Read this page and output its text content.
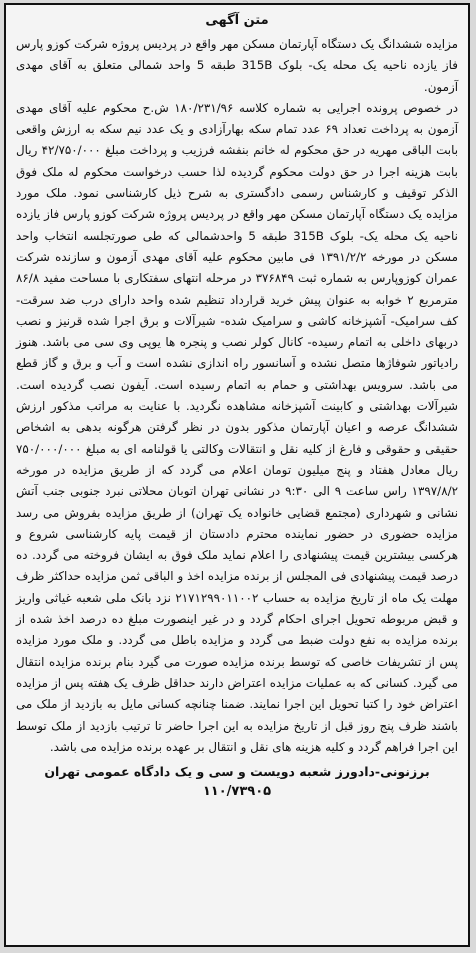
متن آگهی

مزایده ششدانگ یک دستگاه آپارتمان مسکن مهر واقع در پردیس پروژه شرکت کوزو پارس فاز یازده ناحیه یک محله یک- بلوک 315B طبقه 5 واحد شمالی متعلق به آقای مهدی آزمون.

در خصوص پرونده اجرایی به شماره کلاسه ۱۸۰/۲۳۱/۹۶ ش.ح محکوم علیه آقای مهدی آزمون به پرداخت تعداد ۶۹ عدد تمام سکه بهارآزادی و یک عدد نیم سکه به ارزش واقعی بابت الباقی مهریه در حق محکوم له خانم بنفشه فرزیب و پرداخت مبلغ ۴۲/۷۵۰/۰۰۰ ریال بابت هزینه اجرا در حق دولت محکوم گردیده لذا حسب درخواست محکوم له ملک فوق الذکر توقیف و کارشناس رسمی دادگستری به شرح ذیل کارشناسی نمود. ملک مورد مزایده یک دستگاه آپارتمان مسکن مهر واقع در پردیس پروژه شرکت کوزو پارس فاز یازده ناحیه یک محله یک- بلوک 315B طبقه 5 واحدشمالی که طی صورتجلسه انتخاب واحد مسکن در مورخه ۱۳۹۱/۲/۲ فی مابین محکوم علیه آقای مهدی آزمون و سازنده شرکت عمران کوزوپارس به شماره ثبت ۳۷۶۸۴۹ در مرحله انتهای سفتکاری با مساحت مفید ۸۶/۸ مترمربع ۲ خوابه به عنوان پیش خرید قرارداد تنظیم شده واحد دارای درب ضد سرقت- کف سرامیک- آشپزخانه کاشی و سرامیک شده- شیرآلات و برق اجرا شده قرنیز و نصب دربهای داخلی به اتمام رسیده- کانال کولر نصب و پنجره ها یوپی وی سی می باشد. هنوز رادیاتور شوفاژها متصل نشده و آسانسور راه اندازی نشده است و آب و برق و گاز قطع می باشد. سرویس بهداشتی و حمام به اتمام رسیده است. آیفون نصب گردیده است. شیرآلات بهداشتی و کابینت آشپزخانه مشاهده نگردید. با عنایت به مراتب مذکور ارزش ششدانگ عرصه و اعیان آپارتمان مذکور بدون در نظر گرفتن هرگونه بدهی به اشخاص حقیقی و حقوقی و فارغ از کلیه نقل و انتقالات وکالتی یا قولنامه ای به مبلغ ۷۵۰/۰۰۰/۰۰۰ ریال معادل هفتاد و پنج میلیون تومان اعلام می گردد که از طریق مزایده در مورخه ۱۳۹۷/۸/۲ راس ساعت ۹ الی ۹:۳۰ در نشانی تهران اتوبان محلاتی نبرد جنوبی جنب آتش نشانی و شهرداری (مجتمع قضایی خانواده یک تهران) از طریق مزایده بفروش می رسد مزایده حضوری در حضور نماینده محترم دادستان از قیمت پایه کارشناسی شروع و هرکسی بیشترین قیمت پیشنهادی را اعلام نماید ملک فوق به ایشان فروخته می گردد. ده درصد قیمت پیشنهادی فی المجلس از برنده مزایده اخذ و الباقی ثمن مزایده حداکثر ظرف مهلت یک ماه از تاریخ مزایده به حساب ۲۱۷۱۲۹۹۰۱۱۰۰۲ نزد بانک ملی شعبه غیاثی واریز و قبض مربوطه تحویل اجرای احکام گردد و در غیر اینصورت مبلغ ده درصد اخذ شده از برنده مزایده به نفع دولت ضبط می گردد و مزایده باطل می گردد. و ملک مورد مزایده پس از تشریفات خاصی که توسط برنده مزایده صورت می گیرد بنام برنده مزایده انتقال می گیرد. کسانی که به عملیات مزایده اعتراض دارند حداقل ظرف یک هفته پس از مزایده اعتراض خود را کتبا تحویل این اجرا نمایند. ضمنا چنانچه کسانی مایل به بازدید از ملک می باشند ظرف پنج روز قبل از تاریخ مزایده به این اجرا حاضر تا ترتیب بازدید از ملک توسط این اجرا فراهم گردد و کلیه هزینه های نقل و انتقال بر عهده برنده مزایده می باشد.

برزنونی-دادورز شعبه دویست و سی و یک دادگاه عمومی تهران
۱۱۰/۷۳۹۰۵
